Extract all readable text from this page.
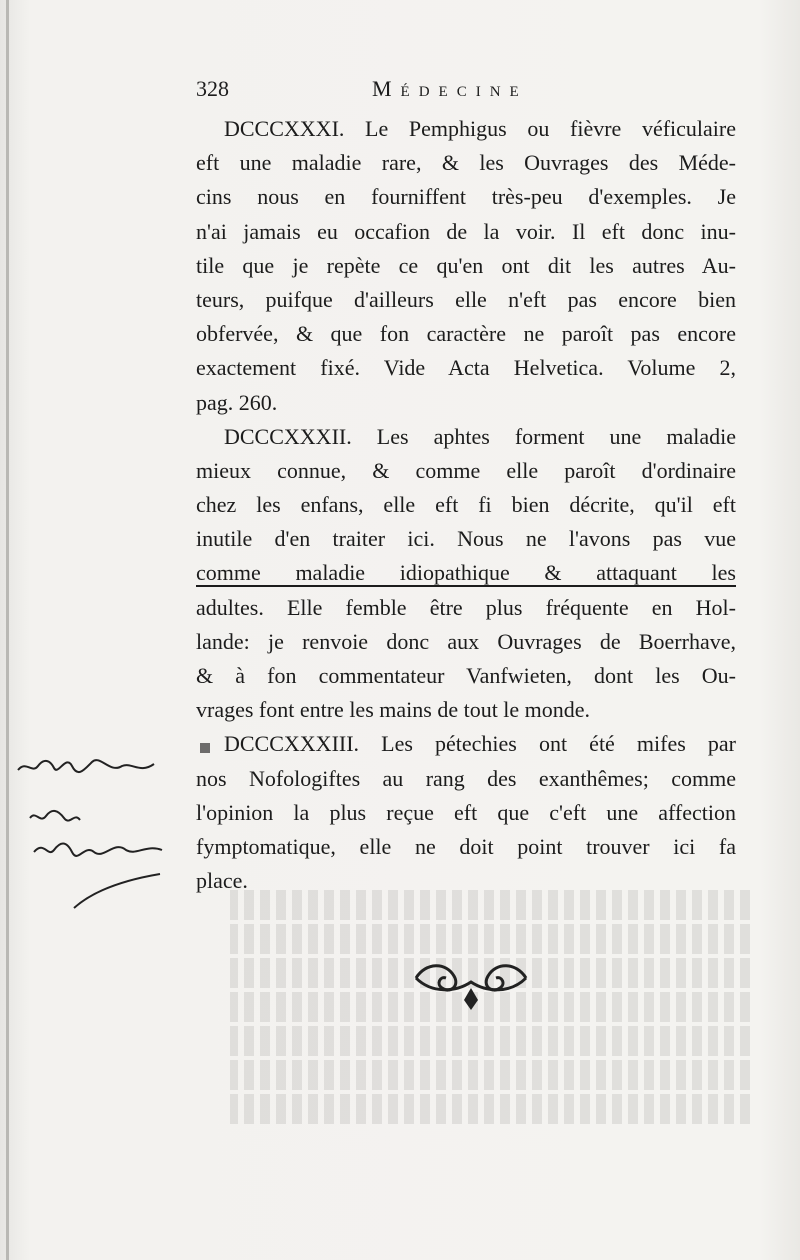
328	Médecine
DCCCXXXI. Le Pemphigus ou fièvre véficulaire
eft une maladie rare, & les Ouvrages des Méde-
cins nous en fourniffent très-peu d'exemples. Je
n'ai jamais eu occafion de la voir. Il eft donc inu-
tile que je repète ce qu'en ont dit les autres Au-
teurs, puifque d'ailleurs elle n'eft pas encore bien
obfervée, & que fon caractère ne paroît pas encore
exactement fixé. Vide Acta Helvetica. Volume 2,
pag. 260.
DCCCXXXII. Les aphtes forment une maladie
mieux connue, & comme elle paroît d'ordinaire
chez les enfans, elle eft fi bien décrite, qu'il eft
inutile d'en traiter ici. Nous ne l'avons pas vue
comme maladie idiopathique & attaquant les
adultes. Elle femble être plus fréquente en Hol-
lande: je renvoie donc aux Ouvrages de Boerrhave,
& à fon commentateur Vanfwieten, dont les Ou-
vrages font entre les mains de tout le monde.
DCCCXXXIII. Les pétechies ont été mifes par
nos Nofologiftes au rang des exanthêmes; comme
l'opinion la plus reçue eft que c'eft une affection
fymptomatique, elle ne doit point trouver ici fa
place.
